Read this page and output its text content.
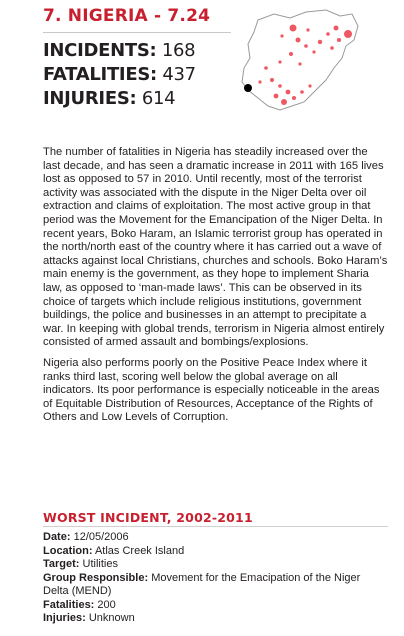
7. NIGERIA - 7.24
INCIDENTS: 168
FATALITIES: 437
INJURIES: 614

The number of fatalities in Nigeria has steadily increased over the last decade, and has seen a dramatic increase in 2011 with 165 lives lost as opposed to 57 in 2010. Until recently, most of the terrorist activity was associated with the dispute in the Niger Delta over oil extraction and claims of exploitation. The most active group in that period was the Movement for the Emancipation of the Niger Delta. In recent years, Boko Haram, an Islamic terrorist group has operated in the north/north east of the country where it has carried out a wave of attacks against local Christians, churches and schools. Boko Haram’s main enemy is the government, as they hope to implement Sharia law, as opposed to ‘man-made laws’. This can be observed in its choice of targets which include religious institutions, government buildings, the police and businesses in an attempt to precipitate a war. In keeping with global trends, terrorism in Nigeria almost entirely consisted of armed assault and bombings/explosions.

Nigeria also performs poorly on the Positive Peace Index where it ranks third last, scoring well below the global average on all indicators. Its poor performance is especially noticeable in the areas of Equitable Distribution of Resources, Acceptance of the Rights of Others and Low Levels of Corruption.

WORST INCIDENT, 2002-2011
Date: 12/05/2006
Location: Atlas Creek Island
Target: Utilities
Group Responsible: Movement for the Emacipation of the Niger Delta (MEND)
Fatalities: 200
Injuries: Unknown
